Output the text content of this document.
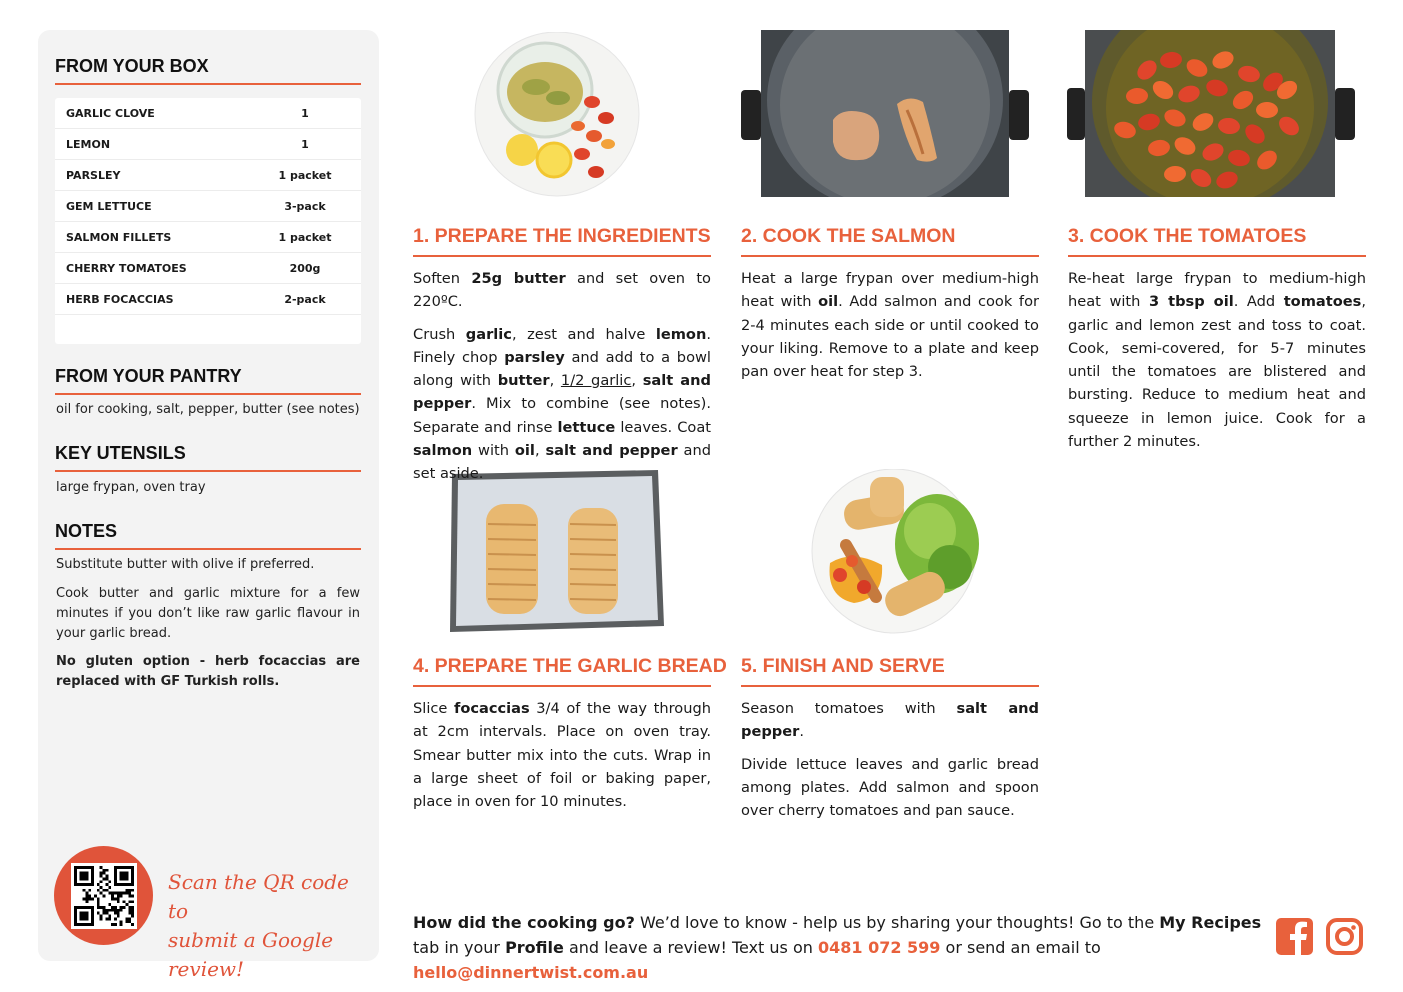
FROM YOUR BOX
GARLIC CLOVE	1
LEMON	1
PARSLEY	1 packet
GEM LETTUCE	3-pack
SALMON FILLETS	1 packet
CHERRY TOMATOES	200g
HERB FOCACCIAS	2-pack
FROM YOUR PANTRY
oil for cooking, salt, pepper, butter (see notes)
KEY UTENSILS
large frypan, oven tray
NOTES
Substitute butter with olive if preferred.
Cook butter and garlic mixture for a few minutes if you don’t like raw garlic flavour in your garlic bread.
No gluten option - herb focaccias are replaced with GF Turkish rolls.
Scan the QR code to
submit a Google review!
1. PREPARE THE INGREDIENTS

Soften 25g butter and set oven to 220ºC.

Crush garlic, zest and halve lemon. Finely chop parsley and add to a bowl along with butter, 1/2 garlic, salt and pepper. Mix to combine (see notes). Separate and rinse lettuce leaves. Coat salmon with oil, salt and pepper and set aside.

2. COOK THE SALMON

Heat a large frypan over medium-high heat with oil. Add salmon and cook for 2-4 minutes each side or until cooked to your liking. Remove to a plate and keep pan over heat for step 3.

3. COOK THE TOMATOES

Re-heat large frypan to medium-high heat with 3 tbsp oil. Add tomatoes, garlic and lemon zest and toss to coat. Cook, semi-covered, for 5-7 minutes until the tomatoes are blistered and bursting. Reduce to medium heat and squeeze in lemon juice. Cook for a further 2 minutes.

4. PREPARE THE GARLIC BREAD

Slice focaccias 3/4 of the way through at 2cm intervals. Place on oven tray. Smear butter mix into the cuts. Wrap in a large sheet of foil or baking paper, place in oven for 10 minutes.

5. FINISH AND SERVE

Season tomatoes with salt and pepper.

Divide lettuce leaves and garlic bread among plates. Add salmon and spoon over cherry tomatoes and pan sauce.

How did the cooking go? We’d love to know - help us by sharing your thoughts! Go to the My Recipes tab in your Profile and leave a review! Text us on 0481 072 599 or send an email to hello@dinnertwist.com.au
